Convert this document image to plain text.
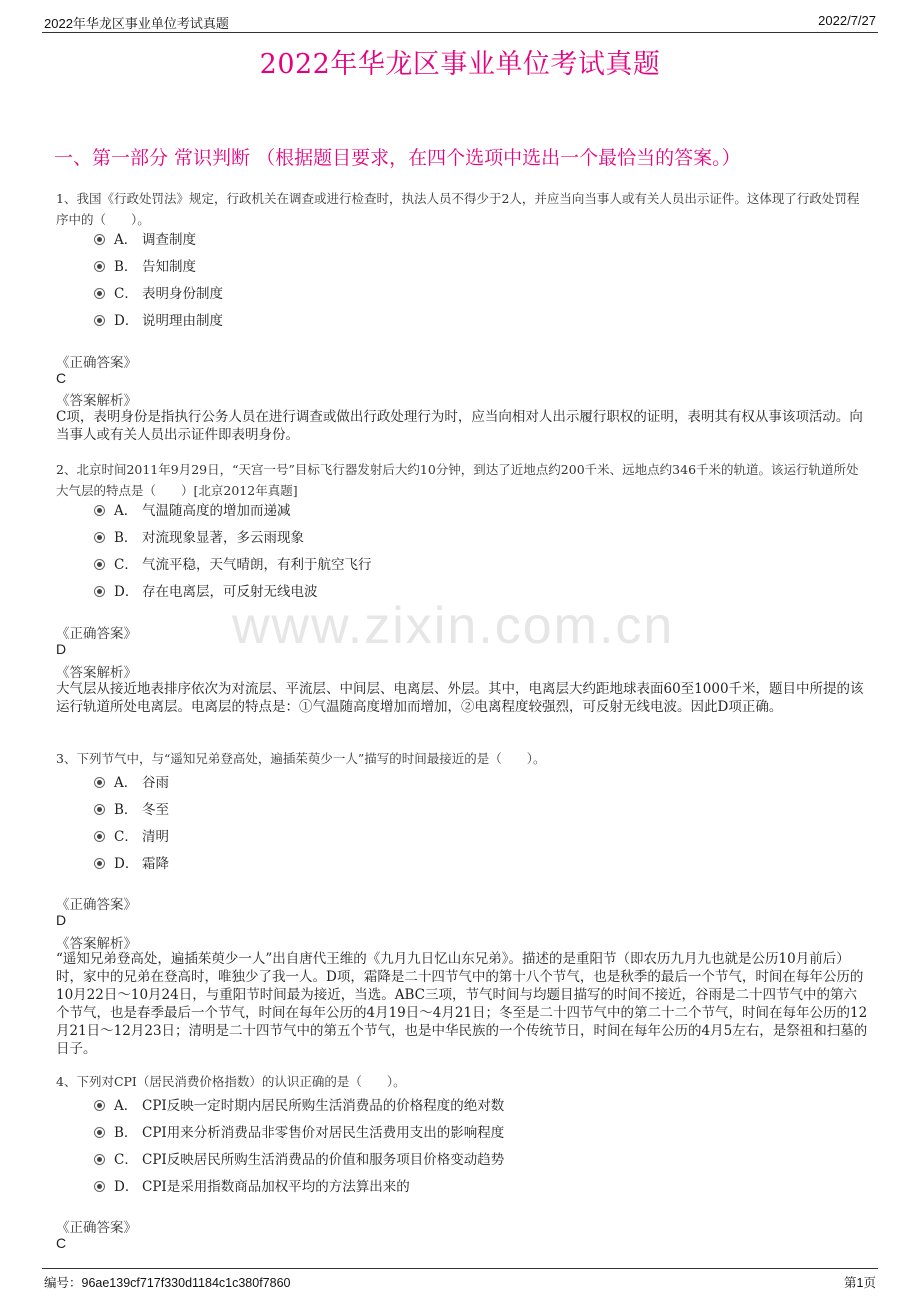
2022年华龙区事业单位考试真题	2022/7/27
2022年华龙区事业单位考试真题
一、第一部分 常识判断 （根据题目要求，在四个选项中选出一个最恰当的答案。）
www.zixin.com.cn
1、我国《行政处罚法》规定，行政机关在调查或进行检查时，执法人员不得少于2人，并应当向当事人或有关人员出示证件。这体现了行政处罚程序中的（　　）。
A． 调查制度
B． 告知制度
C． 表明身份制度
D． 说明理由制度
《正确答案》
C
《答案解析》
C项，表明身份是指执行公务人员在进行调查或做出行政处理行为时，应当向相对人出示履行职权的证明，表明其有权从事该项活动。向当事人或有关人员出示证件即表明身份。
2、北京时间2011年9月29日，“天宫一号”目标飞行器发射后大约10分钟，到达了近地点约200千米、远地点约346千米的轨道。该运行轨道所处大气层的特点是（　　）[北京2012年真题]
A． 气温随高度的增加而递减
B． 对流现象显著，多云雨现象
C． 气流平稳，天气晴朗，有利于航空飞行
D． 存在电离层，可反射无线电波
《正确答案》
D
《答案解析》
大气层从接近地表排序依次为对流层、平流层、中间层、电离层、外层。其中，电离层大约距地球表面60至1000千米，题目中所提的该运行轨道所处电离层。电离层的特点是：①气温随高度增加而增加，②电离程度较强烈，可反射无线电波。因此D项正确。
3、下列节气中，与“遥知兄弟登高处，遍插茱萸少一人”描写的时间最接近的是（　　）。
A． 谷雨
B． 冬至
C． 清明
D． 霜降
《正确答案》
D
《答案解析》
“遥知兄弟登高处，遍插茱萸少一人”出自唐代王维的《九月九日忆山东兄弟》。描述的是重阳节（即农历九月九也就是公历10月前后）时，家中的兄弟在登高时，唯独少了我一人。D项，霜降是二十四节气中的第十八个节气，也是秋季的最后一个节气，时间在每年公历的10月22日～10月24日，与重阳节时间最为接近，当选。ABC三项，节气时间与均题目描写的时间不接近，谷雨是二十四节气中的第六个节气，也是春季最后一个节气，时间在每年公历的4月19日～4月21日；冬至是二十四节气中的第二十二个节气，时间在每年公历的12月21日～12月23日；清明是二十四节气中的第五个节气，也是中华民族的一个传统节日，时间在每年公历的4月5左右，是祭祖和扫墓的日子。
4、下列对CPI（居民消费价格指数）的认识正确的是（　　）。
A． CPI反映一定时期内居民所购生活消费品的价格程度的绝对数
B． CPI用来分析消费品非零售价对居民生活费用支出的影响程度
C． CPI反映居民所购生活消费品的价值和服务项目价格变动趋势
D． CPI是采用指数商品加权平均的方法算出来的
《正确答案》
C
编号：96ae139cf717f330d1184c1c380f7860	第1页
